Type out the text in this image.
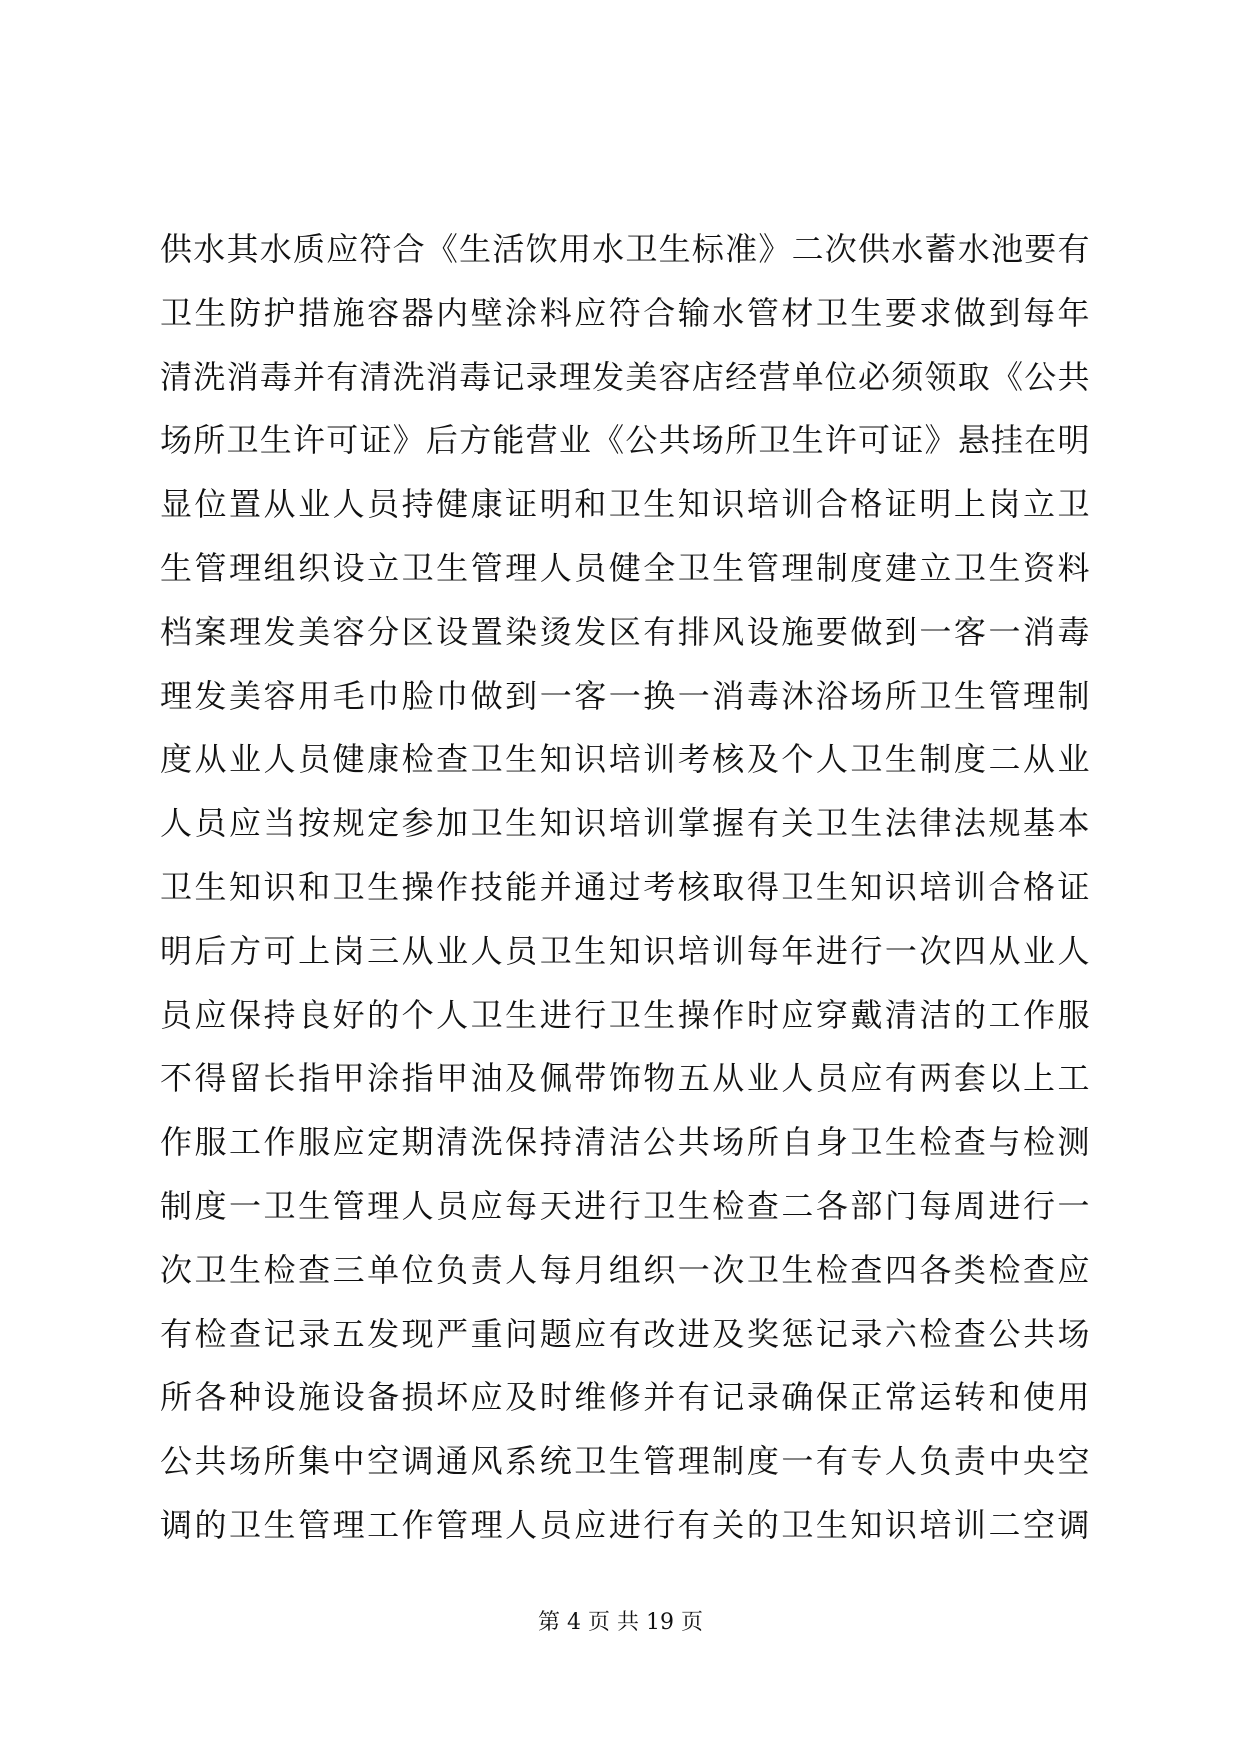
供水其水质应符合《生活饮用水卫生标准》二次供水蓄水池要有
卫生防护措施容器内壁涂料应符合输水管材卫生要求做到每年
清洗消毒并有清洗消毒记录理发美容店经营单位必须领取《公共
场所卫生许可证》后方能营业《公共场所卫生许可证》悬挂在明
显位置从业人员持健康证明和卫生知识培训合格证明上岗立卫
生管理组织设立卫生管理人员健全卫生管理制度建立卫生资料
档案理发美容分区设置染烫发区有排风设施要做到一客一消毒
理发美容用毛巾脸巾做到一客一换一消毒沐浴场所卫生管理制
度从业人员健康检查卫生知识培训考核及个人卫生制度二从业
人员应当按规定参加卫生知识培训掌握有关卫生法律法规基本
卫生知识和卫生操作技能并通过考核取得卫生知识培训合格证
明后方可上岗三从业人员卫生知识培训每年进行一次四从业人
员应保持良好的个人卫生进行卫生操作时应穿戴清洁的工作服
不得留长指甲涂指甲油及佩带饰物五从业人员应有两套以上工
作服工作服应定期清洗保持清洁公共场所自身卫生检查与检测
制度一卫生管理人员应每天进行卫生检查二各部门每周进行一
次卫生检查三单位负责人每月组织一次卫生检查四各类检查应
有检查记录五发现严重问题应有改进及奖惩记录六检查公共场
所各种设施设备损坏应及时维修并有记录确保正常运转和使用
公共场所集中空调通风系统卫生管理制度一有专人负责中央空
调的卫生管理工作管理人员应进行有关的卫生知识培训二空调
第 4 页 共 19 页
